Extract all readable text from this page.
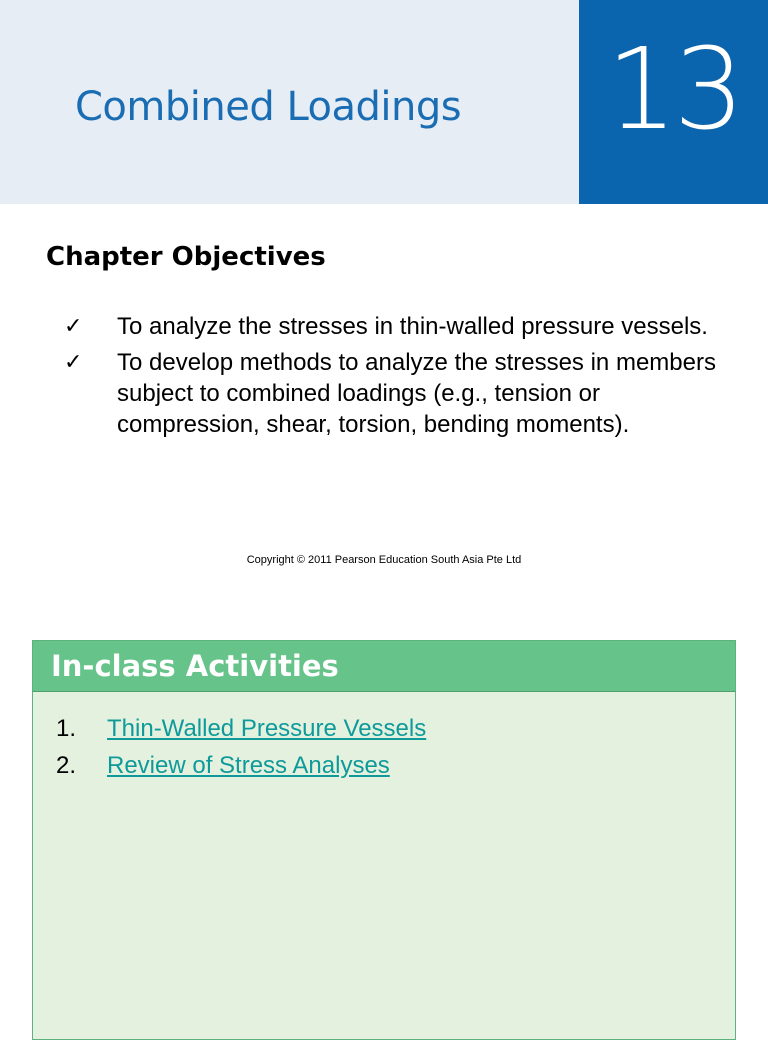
Combined Loadings 13
Chapter Objectives
✓ To analyze the stresses in thin-walled pressure vessels.
✓ To develop methods to analyze the stresses in members subject to combined loadings (e.g., tension or compression, shear, torsion, bending moments).
Copyright © 2011 Pearson Education South Asia Pte Ltd
In-class Activities
1. Thin-Walled Pressure Vessels
2. Review of Stress Analyses
